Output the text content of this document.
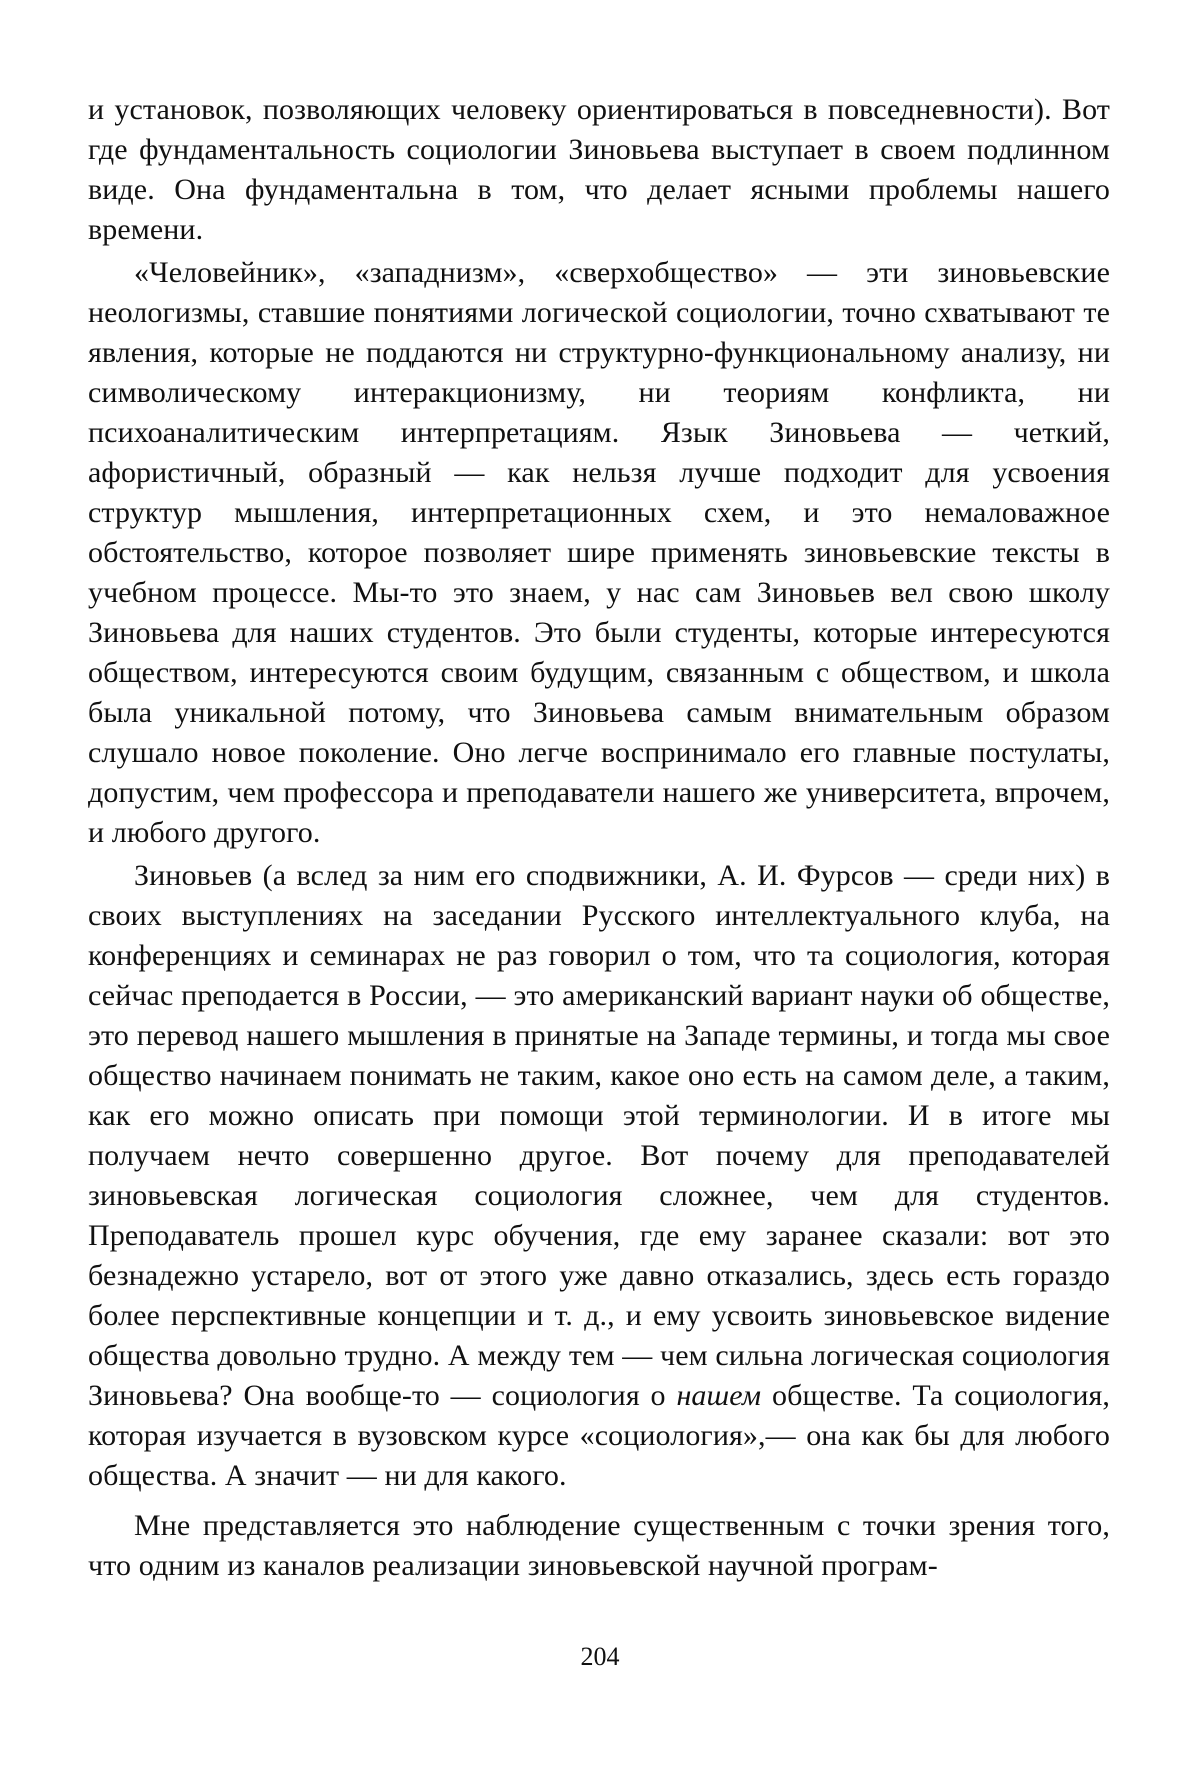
и установок, позволяющих человеку ориентироваться в повседневности). Вот где фундаментальность социологии Зиновьева выступает в своем подлинном виде. Она фундаментальна в том, что делает ясными проблемы нашего времени.

«Человейник», «западнизм», «сверхобщество» — эти зиновьевские неологизмы, ставшие понятиями логической социологии, точно схватывают те явления, которые не поддаются ни структурно-функциональному анализу, ни символическому интеракционизму, ни теориям конфликта, ни психоаналитическим интерпретациям. Язык Зиновьева — четкий, афористичный, образный — как нельзя лучше подходит для усвоения структур мышления, интерпретационных схем, и это немаловажное обстоятельство, которое позволяет шире применять зиновьевские тексты в учебном процессе. Мы-то это знаем, у нас сам Зиновьев вел свою школу Зиновьева для наших студентов. Это были студенты, которые интересуются обществом, интересуются своим будущим, связанным с обществом, и школа была уникальной потому, что Зиновьева самым внимательным образом слушало новое поколение. Оно легче воспринимало его главные постулаты, допустим, чем профессора и преподаватели нашего же университета, впрочем, и любого другого.

Зиновьев (а вслед за ним его сподвижники, А. И. Фурсов — среди них) в своих выступлениях на заседании Русского интеллектуального клуба, на конференциях и семинарах не раз говорил о том, что та социология, которая сейчас преподается в России, — это американский вариант науки об обществе, это перевод нашего мышления в принятые на Западе термины, и тогда мы свое общество начинаем понимать не таким, какое оно есть на самом деле, а таким, как его можно описать при помощи этой терминологии. И в итоге мы получаем нечто совершенно другое. Вот почему для преподавателей зиновьевская логическая социология сложнее, чем для студентов. Преподаватель прошел курс обучения, где ему заранее сказали: вот это безнадежно устарело, вот от этого уже давно отказались, здесь есть гораздо более перспективные концепции и т. д., и ему усвоить зиновьевское видение общества довольно трудно. А между тем — чем сильна логическая социология Зиновьева? Она вообще-то — социология о нашем обществе. Та социология, которая изучается в вузовском курсе «социология»,— она как бы для любого общества. А значит — ни для какого.

Мне представляется это наблюдение существенным с точки зрения того, что одним из каналов реализации зиновьевской научной програм-

204
